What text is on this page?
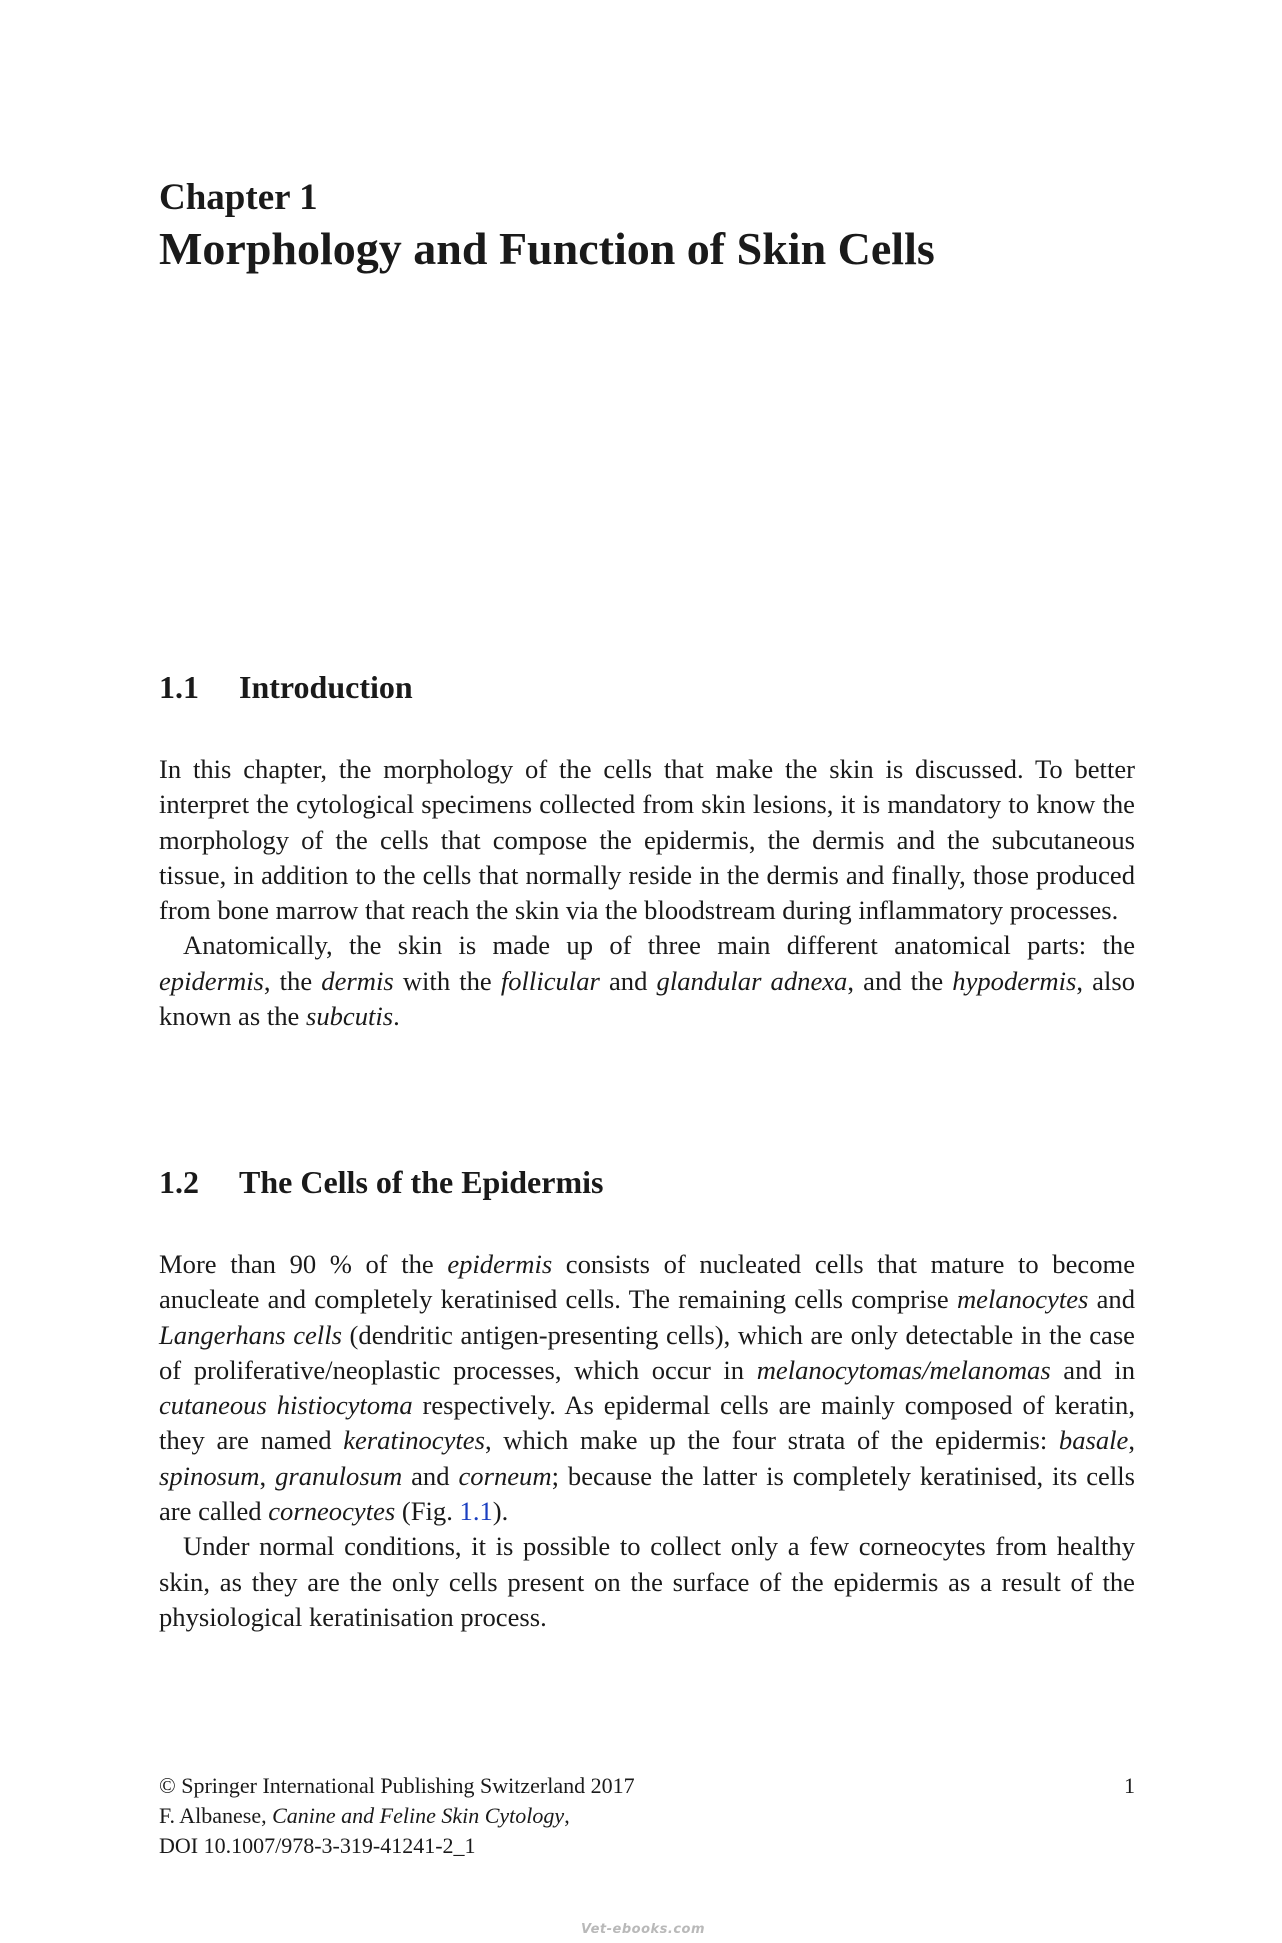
Chapter 1
Morphology and Function of Skin Cells
1.1 Introduction

In this chapter, the morphology of the cells that make the skin is discussed. To better interpret the cytological specimens collected from skin lesions, it is mandatory to know the morphology of the cells that compose the epidermis, the dermis and the subcutaneous tissue, in addition to the cells that normally reside in the dermis and finally, those produced from bone marrow that reach the skin via the bloodstream during inflammatory processes.

Anatomically, the skin is made up of three main different anatomical parts: the epidermis, the dermis with the follicular and glandular adnexa, and the hypodermis, also known as the subcutis.

1.2 The Cells of the Epidermis

More than 90 % of the epidermis consists of nucleated cells that mature to become anucleate and completely keratinised cells. The remaining cells comprise melanocytes and Langerhans cells (dendritic antigen-presenting cells), which are only detectable in the case of proliferative/neoplastic processes, which occur in melanocytomas/melanomas and in cutaneous histiocytoma respectively. As epidermal cells are mainly composed of keratin, they are named keratinocytes, which make up the four strata of the epidermis: basale, spinosum, granulosum and corneum; because the latter is completely keratinised, its cells are called corneocytes (Fig. 1.1).

Under normal conditions, it is possible to collect only a few corneocytes from healthy skin, as they are the only cells present on the surface of the epidermis as a result of the physiological keratinisation process.

© Springer International Publishing Switzerland 2017
F. Albanese, Canine and Feline Skin Cytology,
DOI 10.1007/978-3-319-41241-2_1
1
Vet-ebooks.com
